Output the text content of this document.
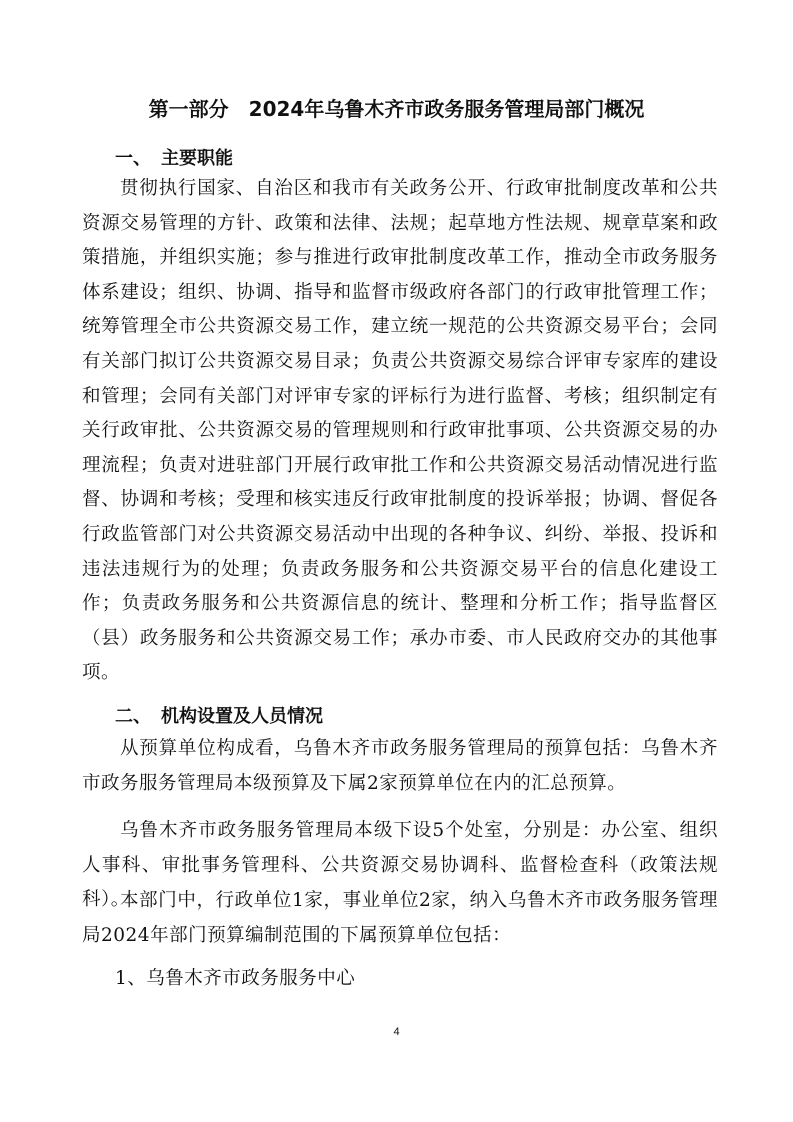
第一部分　2024年乌鲁木齐市政务服务管理局部门概况
一、 主要职能
贯彻执行国家、自治区和我市有关政务公开、行政审批制度改革和公共资源交易管理的方针、政策和法律、法规；起草地方性法规、规章草案和政策措施，并组织实施；参与推进行政审批制度改革工作，推动全市政务服务体系建设；组织、协调、指导和监督市级政府各部门的行政审批管理工作；统筹管理全市公共资源交易工作，建立统一规范的公共资源交易平台；会同有关部门拟订公共资源交易目录；负责公共资源交易综合评审专家库的建设和管理；会同有关部门对评审专家的评标行为进行监督、考核；组织制定有关行政审批、公共资源交易的管理规则和行政审批事项、公共资源交易的办理流程；负责对进驻部门开展行政审批工作和公共资源交易活动情况进行监督、协调和考核；受理和核实违反行政审批制度的投诉举报；协调、督促各行政监管部门对公共资源交易活动中出现的各种争议、纠纷、举报、投诉和违法违规行为的处理；负责政务服务和公共资源交易平台的信息化建设工作；负责政务服务和公共资源信息的统计、整理和分析工作；指导监督区（县）政务服务和公共资源交易工作；承办市委、市人民政府交办的其他事项。
二、 机构设置及人员情况
从预算单位构成看，乌鲁木齐市政务服务管理局的预算包括：乌鲁木齐市政务服务管理局本级预算及下属2家预算单位在内的汇总预算。
乌鲁木齐市政务服务管理局本级下设5个处室，分别是：办公室、组织人事科、审批事务管理科、公共资源交易协调科、监督检查科（政策法规科）。
本部门中，行政单位1家，事业单位2家，纳入乌鲁木齐市政务服务管理局2024年部门预算编制范围的下属预算单位包括：
1、乌鲁木齐市政务服务中心
4
